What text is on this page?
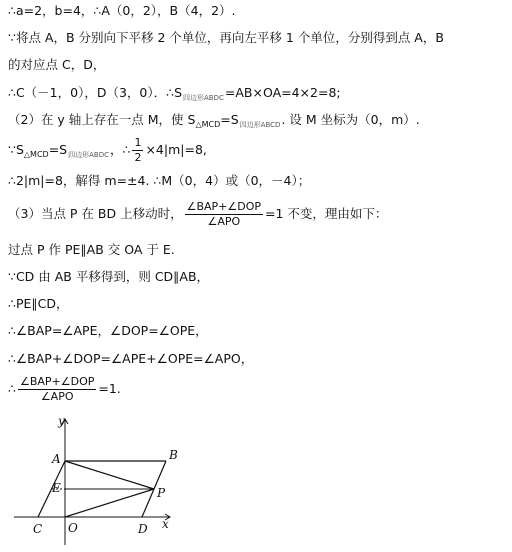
∴a=2，b=4，∴A（0，2），B（4，2）.
∵将点 A，B 分别向下平移 2 个单位，再向左平移 1 个单位，分别得到点 A，B
的对应点 C，D，
∴C（－1，0），D（3，0）．$\therefore S_{四边形ABDC}=AB\times OA=4\times 2=8$;
（2）在 y 轴上存在一点 M，使 $S_{\triangle MCD}=S_{四边形ABCD}$. 设 M 坐标为（0，m）.
$\because S_{\triangle MCD}=S_{四边形ABDC}$，∴ $\frac{1}{2} \times 4|m|=8$,
∴2|m|=8，解得 m=±4. ∴M（0，4）或（0，－4）；
（3）当点 P 在 BD 上移动时， $\frac{\text{∠BAP+∠DOP}}{\text{∠APO}} =1$ 不变，理由如下：
过点 P 作 PE∥AB 交 OA 于 E.
∵CD 由 AB 平移得到，则 CD∥AB，
∴PE∥CD，
∴∠BAP=∠APE，∠DOP=∠OPE，
∴∠BAP+∠DOP=∠APE+∠OPE=∠APO，
∴ $\frac{\text{∠BAP+∠DOP}}{\text{∠APO}} =1$.
y
x
A	B
E	P
C O	D
